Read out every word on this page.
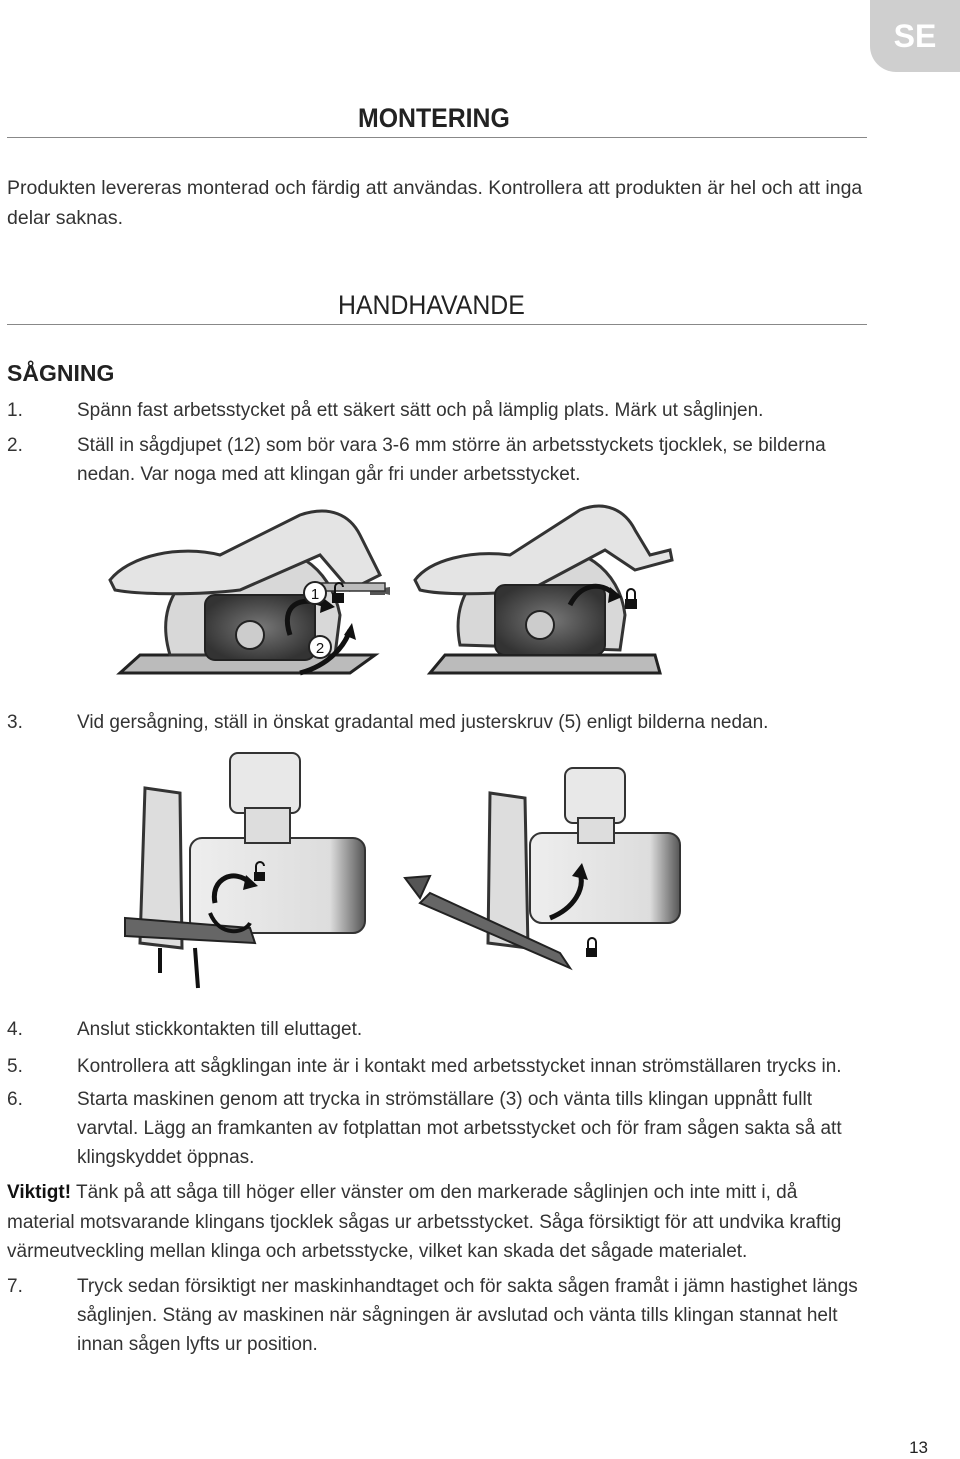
SE
MONTERING
Produkten levereras monterad och färdig att användas. Kontrollera att produkten är hel och att inga delar saknas.
HANDHAVANDE
SÅGNING
1.	Spänn fast arbetsstycket på ett säkert sätt och på lämplig plats. Märk ut såglinjen.
2.	Ställ in sågdjupet (12) som bör vara 3-6 mm större än arbetsstyckets tjocklek, se bilderna nedan. Var noga med att klingan går fri under arbetsstycket.
1
2
3.	Vid gersågning, ställ in önskat gradantal med justerskruv (5) enligt bilderna nedan.
4.	Anslut stickkontakten till eluttaget.
5.	Kontrollera att sågklingan inte är i kontakt med arbetsstycket innan strömställaren trycks in.
6.	Starta maskinen genom att trycka in strömställare (3) och vänta tills klingan uppnått fullt varvtal. Lägg an framkanten av fotplattan mot arbetsstycket och för fram sågen sakta så att klingskyddet öppnas.
Viktigt! Tänk på att såga till höger eller vänster om den markerade såglinjen och inte mitt i, då material motsvarande klingans tjocklek sågas ur arbetsstycket. Såga försiktigt för att undvika kraftig värmeutveckling mellan klinga och arbetsstycke, vilket kan skada det sågade materialet.
7.	Tryck sedan försiktigt ner maskinhandtaget och för sakta sågen framåt i jämn hastighet längs såglinjen. Stäng av maskinen när sågningen är avslutad och vänta tills klingan stannat helt innan sågen lyfts ur position.
13
